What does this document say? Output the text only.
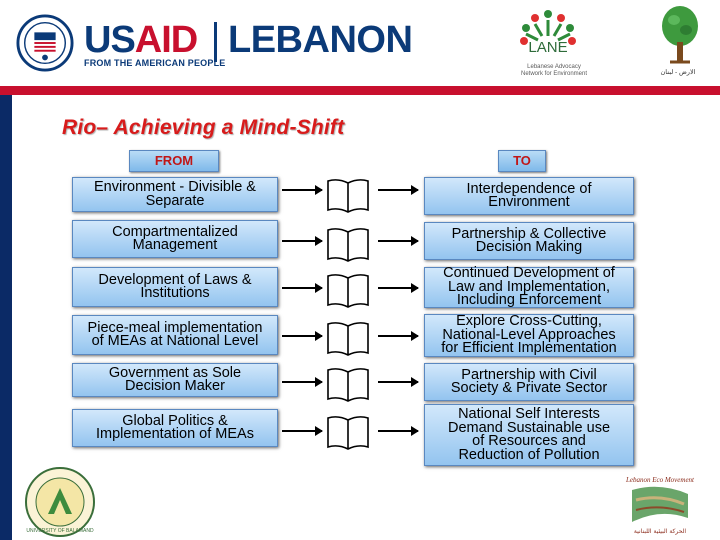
USAID LEBANON
FROM THE AMERICAN PEOPLE
LANE
Lebanese Advocacy
Network for Environment	الارض - لبنان
Rio– Achieving a Mind-Shift
FROM	TO
Environment - Divisible &
Separate
Interdependence of
Environment
Compartmentalized
Management
Partnership & Collective
Decision Making
Development of Laws &
Institutions
Continued Development of
Law and Implementation,
Including Enforcement
Piece-meal implementation
of MEAs at National Level
Explore Cross-Cutting,
National-Level Approaches
for Efficient Implementation
Government as Sole
Decision Maker
Partnership with Civil
Society & Private Sector
Global Politics &
Implementation of MEAs
National Self Interests
Demand Sustainable use
of Resources and
Reduction of Pollution
UNIVERSITY OF BALAMAND
Lebanon Eco Movement
الحركة البيئية اللبنانية
